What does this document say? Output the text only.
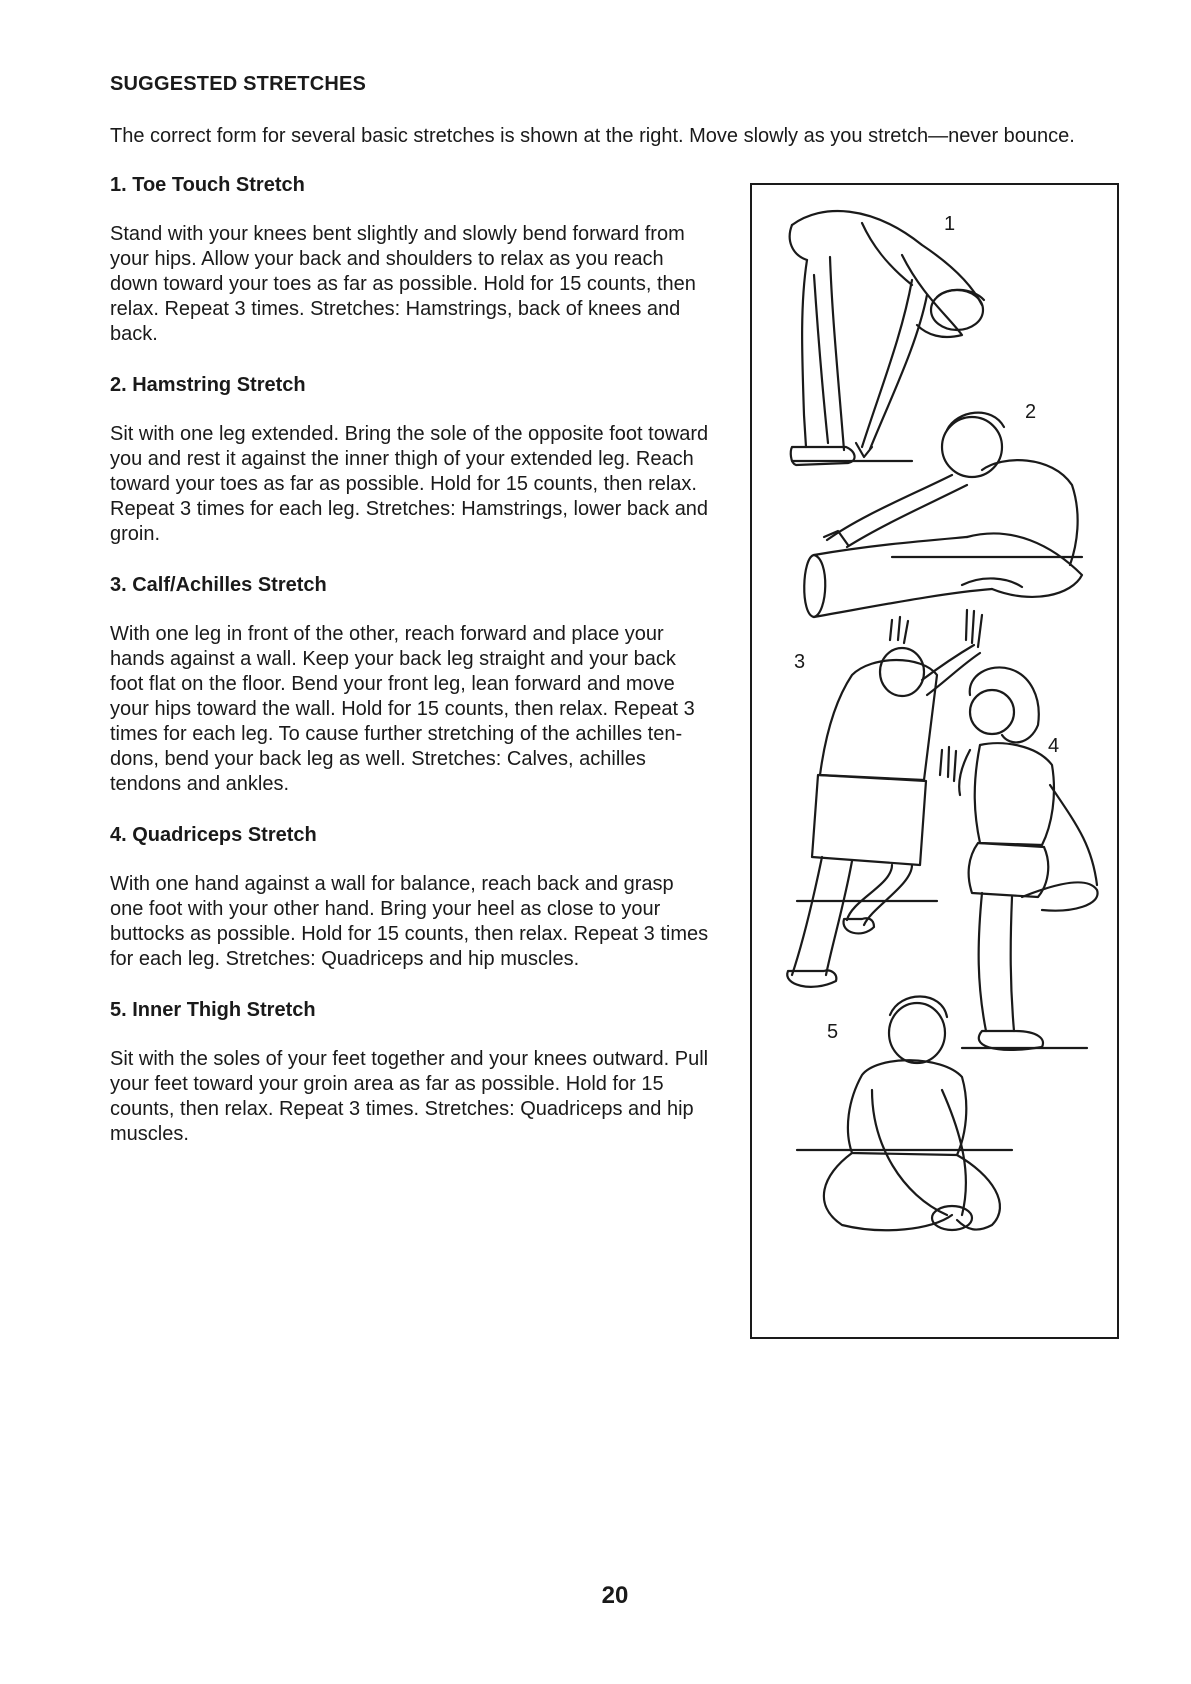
SUGGESTED STRETCHES

The correct form for several basic stretches is shown at the right. Move slowly as you stretch—never bounce.

1. Toe Touch Stretch

Stand with your knees bent slightly and slowly bend forward from your hips. Allow your back and shoulders to relax as you reach down toward your toes as far as possible. Hold for 15 counts, then relax. Repeat 3 times. Stretches: Hamstrings, back of knees and back.

2. Hamstring Stretch

Sit with one leg extended. Bring the sole of the opposite foot toward you and rest it against the inner thigh of your extended leg. Reach toward your toes as far as possible. Hold for 15 counts, then relax. Repeat 3 times for each leg. Stretches: Hamstrings, lower back and groin.

3. Calf/Achilles Stretch

With one leg in front of the other, reach forward and place your hands against a wall. Keep your back leg straight and your back foot flat on the floor. Bend your front leg, lean forward and move your hips toward the wall. Hold for 15 counts, then relax. Repeat 3 times for each leg. To cause further stretching of the achilles ten-dons, bend your back leg as well. Stretches: Calves, achilles tendons and ankles.

4. Quadriceps Stretch

With one hand against a wall for balance, reach back and grasp one foot with your other hand. Bring your heel as close to your buttocks as possible. Hold for 15 counts, then relax. Repeat 3 times for each leg. Stretches: Quadriceps and hip muscles.

5. Inner Thigh Stretch

Sit with the soles of your feet together and your knees outward. Pull your feet toward your groin area as far as possible. Hold for 15 counts, then relax. Repeat 3 times. Stretches: Quadriceps and hip muscles.

1
2
3
4
5
20
